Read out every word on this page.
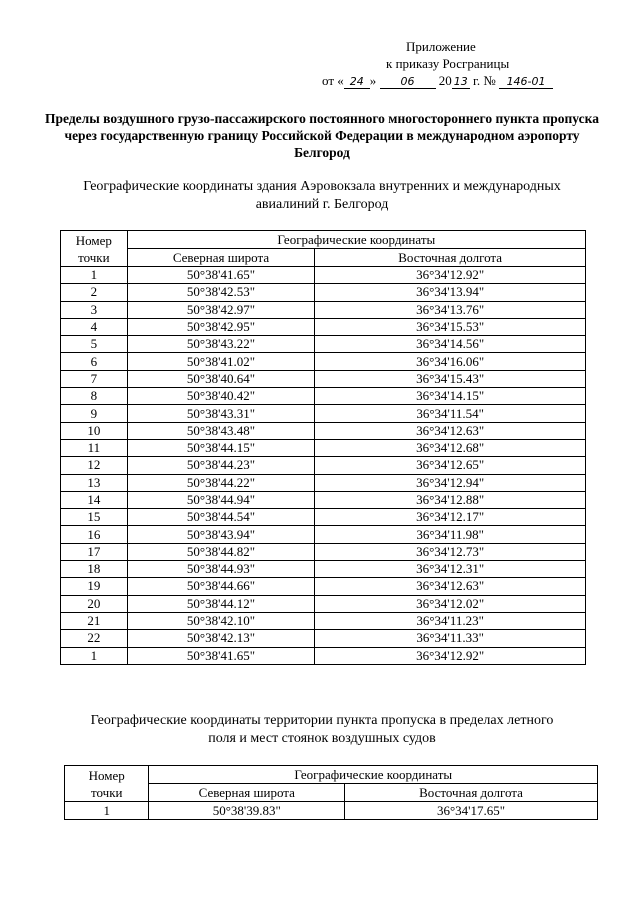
Приложение
к приказу Росграницы
от « 24 » 06 20 13 г. № 146-01
Пределы воздушного грузо-пассажирского постоянного многостороннего пункта пропуска через государственную границу Российской Федерации в международном аэропорту Белгород
Географические координаты здания Аэровокзала внутренних и международных
авиалиний г. Белгород
Номер
точки	Географические координаты	
	Северная широта	Восточная долгота
1	50°38'41.65"	36°34'12.92"
2	50°38'42.53"	36°34'13.94"
3	50°38'42.97"	36°34'13.76"
4	50°38'42.95"	36°34'15.53"
5	50°38'43.22"	36°34'14.56"
6	50°38'41.02"	36°34'16.06"
7	50°38'40.64"	36°34'15.43"
8	50°38'40.42"	36°34'14.15"
9	50°38'43.31"	36°34'11.54"
10	50°38'43.48"	36°34'12.63"
11	50°38'44.15"	36°34'12.68"
12	50°38'44.23"	36°34'12.65"
13	50°38'44.22"	36°34'12.94"
14	50°38'44.94"	36°34'12.88"
15	50°38'44.54"	36°34'12.17"
16	50°38'43.94"	36°34'11.98"
17	50°38'44.82"	36°34'12.73"
18	50°38'44.93"	36°34'12.31"
19	50°38'44.66"	36°34'12.63"
20	50°38'44.12"	36°34'12.02"
21	50°38'42.10"	36°34'11.23"
22	50°38'42.13"	36°34'11.33"
1	50°38'41.65"	36°34'12.92"
Географические координаты территории пункта пропуска в пределах летного
поля и мест стоянок воздушных судов
Номер
точки	Географические координаты	
	Северная широта	Восточная долгота
1	50°38'39.83"	36°34'17.65"
